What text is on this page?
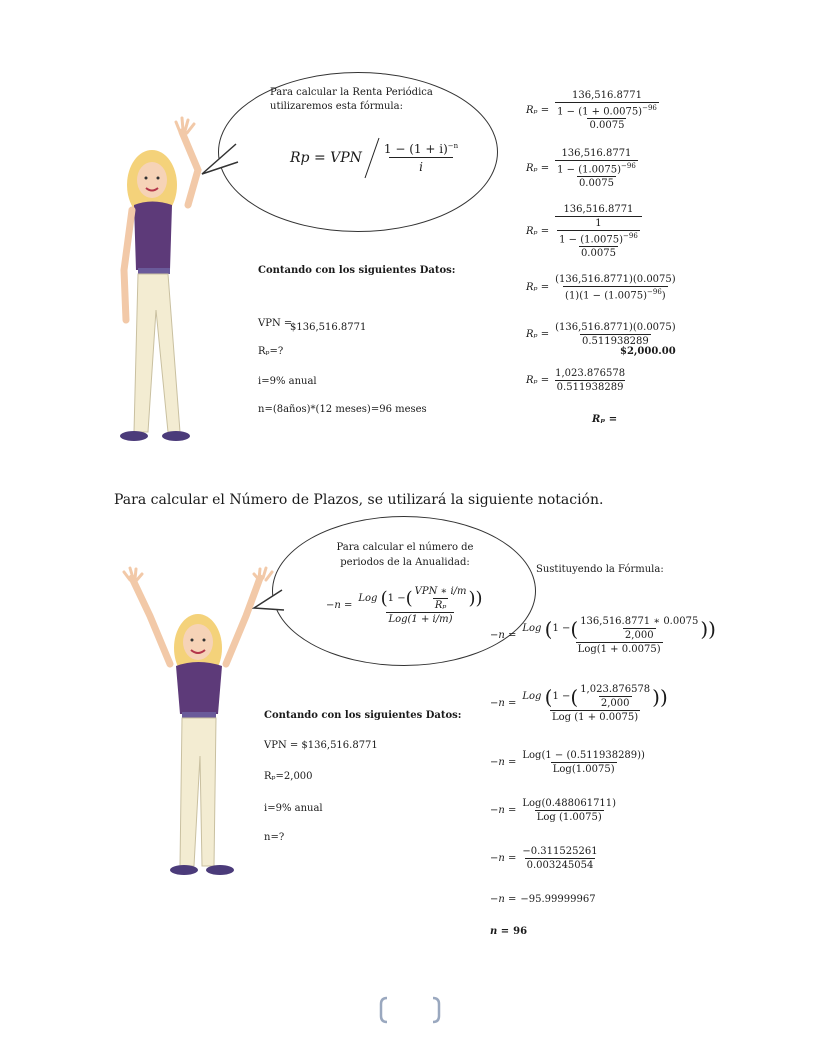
Para calcular la Renta Periódica utilizaremos esta fórmula:
Rp = VPN $\frac{1 - (1 + i)^{-n}}{i}$
Contando con los siguientes Datos:
VPN =
$136,516.8771
Rₚ=?
i=9% anual
n=(8años)*(12 meses)=96 meses
$R_p = \frac{\frac{136,516.8771}{1 - (1 + 0.0075)^{-96}}}{0.0075}$
$R_p = \frac{\frac{136,516.8771}{1 - (1.0075)^{-96}}}{0.0075}$
$R_p = \frac{\frac{136,516.8771}{\frac{1}{1 - (1.0075)^{-96}}}}{0.0075}$
$R_p = \frac{(136,516.8771)(0.0075)}{(1)(1 - (1.0075)^{-96})}$
$R_p = \frac{(136,516.8771)(0.0075)}{0.511938289}$
$2,000.00
$R_p = \frac{1,023.876578}{0.511938289}$
Rₚ =
Para calcular el Número de Plazos, se utilizará la siguiente notación.
Para calcular el número de periodos de la Anualidad:
−n = Log
( 1 − ( $\frac{\text{VPN ∗ i/m}}{\text{Rₚ}}$ ))
Log(1 + i/m)
Sustituyendo la Fórmula:
Contando con los siguientes Datos:
VPN = $136,516.8771
Rₚ=2,000
i=9% anual
n=?
−n = Log
( 1 − ( $\frac{136,516.8771 ∗ 0.0075}{2,000}$ ))
Log(1 + 0.0075)
−n = Log
( 1 − ( $\frac{1,023.876578}{2,000}$ ))
Log (1 + 0.0075)
$-n = \frac{\text{Log(1 − (0.511938289))}}{\text{Log(1.0075)}}$
$-n = \frac{\text{Log(0.488061711)}}{\text{Log (1.0075)}}$
$-n = \frac{-0.311525261}{0.003245054}$
−n = −95.99999967
n = 96
